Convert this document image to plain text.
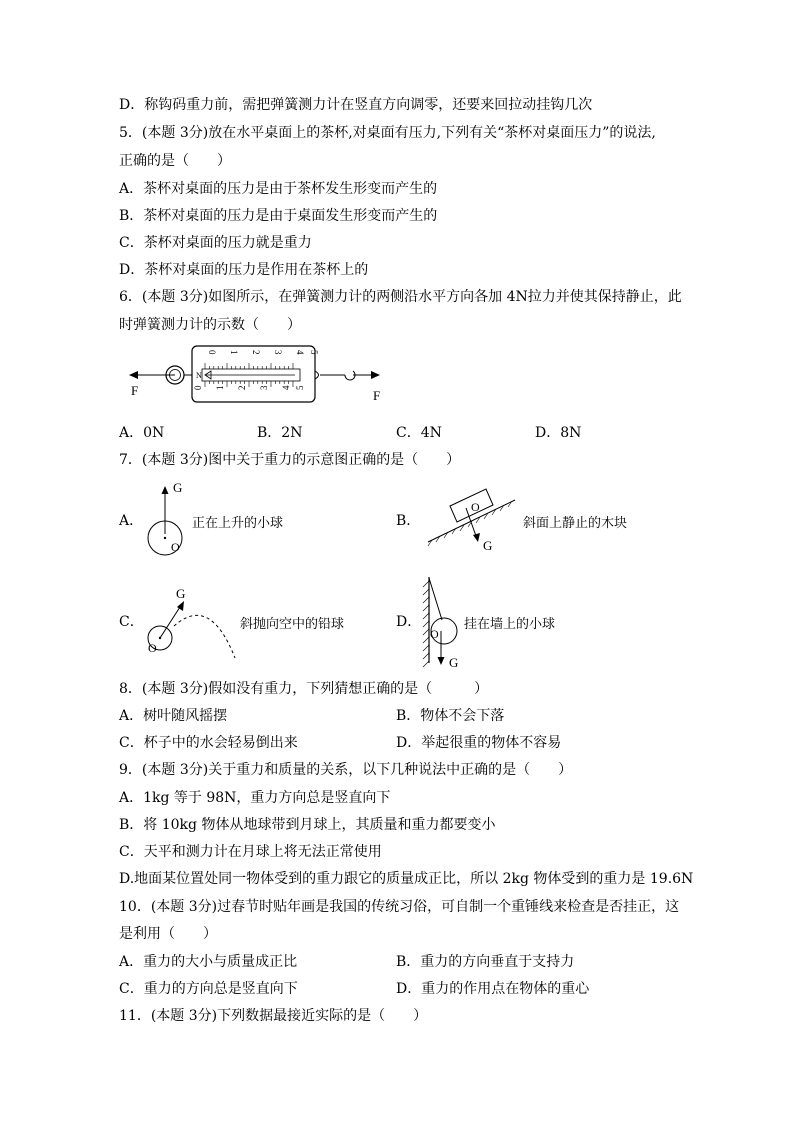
D．称钩码重力前，需把弹簧测力计在竖直方向调零，还要来回拉动挂钩几次
5．(本题 3分)放在水平桌面上的茶杯,对桌面有压力,下列有关“茶杯对桌面压力”的说法,
正确的是（　　）
A．茶杯对桌面的压力是由于茶杯发生形变而产生的
B．茶杯对桌面的压力是由于桌面发生形变而产生的
C．茶杯对桌面的压力就是重力
D．茶杯对桌面的压力是作用在茶杯上的
6．(本题 3分)如图所示，在弹簧测力计的两侧沿水平方向各加 4N拉力并使其保持静止，此
时弹簧测力计的示数（　　）
F
N
0 1 2 3 4 5
0 1 2 3 4 5
F
A．0N	B．2N	C．4N	D．8N
7．(本题 3分)图中关于重力的示意图正确的是（　　）
A．
G
O
正在上升的小球	B．
O
G
斜面上静止的木块
C．
O
G
斜抛向空中的铅球	D．
O
G
挂在墙上的小球
8．(本题 3分)假如没有重力，下列猜想正确的是（　　　）
A．树叶随风摇摆	B．物体不会下落
C．杯子中的水会轻易倒出来	D．举起很重的物体不容易
9．(本题 3分)关于重力和质量的关系，以下几种说法中正确的是（　　）
A．1kg 等于 98N，重力方向总是竖直向下
B．将 10kg 物体从地球带到月球上，其质量和重力都要变小
C．天平和测力计在月球上将无法正常使用
D.地面某位置处同一物体受到的重力跟它的质量成正比，所以 2kg 物体受到的重力是 19.6N
10．(本题 3分)过春节时贴年画是我国的传统习俗，可自制一个重锤线来检查是否挂正，这
是利用（　　）
A．重力的大小与质量成正比	B．重力的方向垂直于支持力
C．重力的方向总是竖直向下	D．重力的作用点在物体的重心
11．(本题 3分)下列数据最接近实际的是（　　）
